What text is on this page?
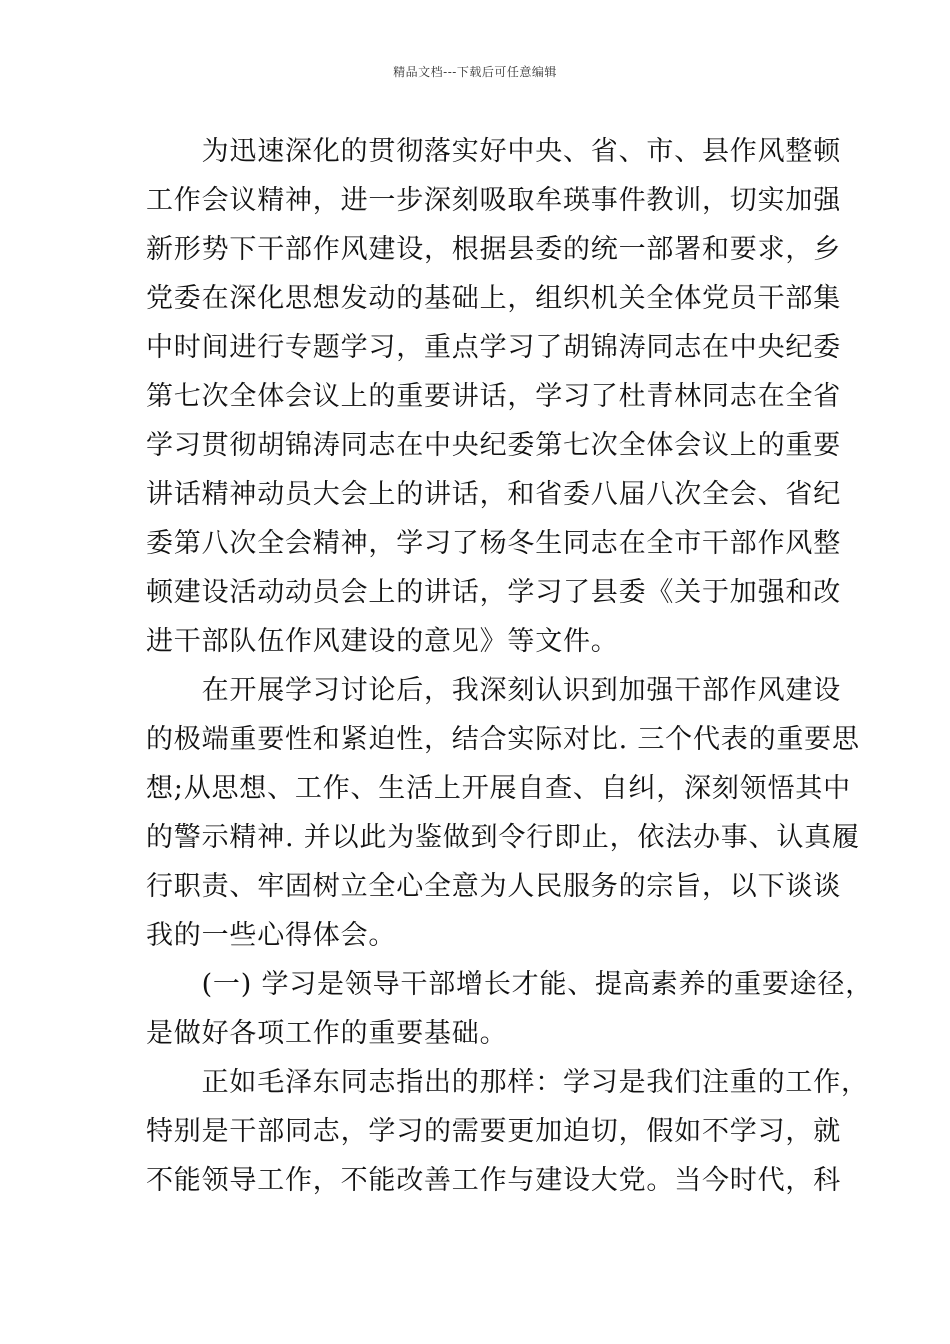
精品文档---下载后可任意编辑
　　为迅速深化的贯彻落实好中央、省、市、县作风整顿
工作会议精神，进一步深刻吸取牟瑛事件教训，切实加强
新形势下干部作风建设，根据县委的统一部署和要求，乡
党委在深化思想发动的基础上，组织机关全体党员干部集
中时间进行专题学习，重点学习了胡锦涛同志在中央纪委
第七次全体会议上的重要讲话，学习了杜青林同志在全省
学习贯彻胡锦涛同志在中央纪委第七次全体会议上的重要
讲话精神动员大会上的讲话，和省委八届八次全会、省纪
委第八次全会精神，学习了杨冬生同志在全市干部作风整
顿建设活动动员会上的讲话，学习了县委《关于加强和改
进干部队伍作风建设的意见》等文件。
　　在开展学习讨论后，我深刻认识到加强干部作风建设
的极端重要性和紧迫性，结合实际对比. 三个代表的重要思
想;从思想、工作、生活上开展自查、自纠，深刻领悟其中
的警示精神. 并以此为鉴做到令行即止，依法办事、认真履
行职责、牢固树立全心全意为人民服务的宗旨，以下谈谈
我的一些心得体会。
　　(一) 学习是领导干部增长才能、提高素养的重要途径，
是做好各项工作的重要基础。
　　正如毛泽东同志指出的那样：学习是我们注重的工作，
特别是干部同志，学习的需要更加迫切，假如不学习，就
不能领导工作，不能改善工作与建设大党。当今时代，科
